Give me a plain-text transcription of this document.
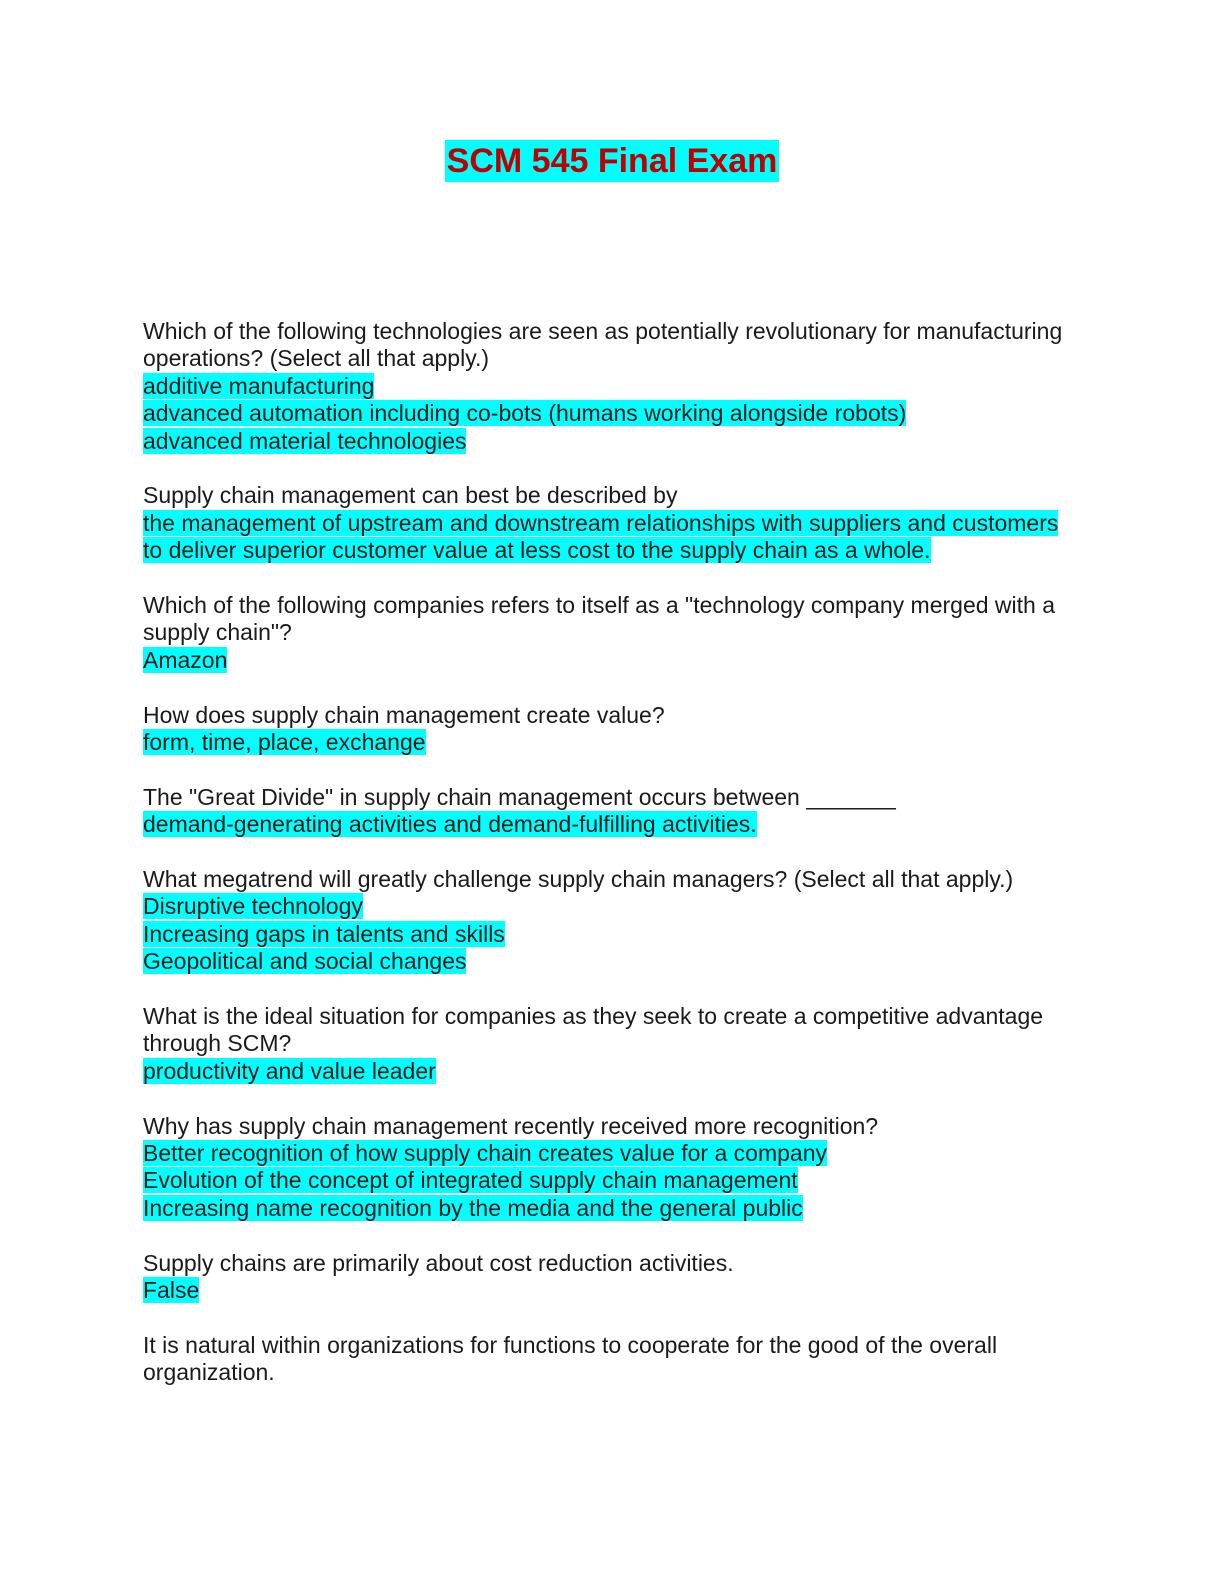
SCM 545 Final Exam

Which of the following technologies are seen as potentially revolutionary for manufacturing operations? (Select all that apply.)

additive manufacturing
advanced automation including co-bots (humans working alongside robots)
advanced material technologies

Supply chain management can best be described by

the management of upstream and downstream relationships with suppliers and customers to deliver superior customer value at less cost to the supply chain as a whole.

Which of the following companies refers to itself as a "technology company merged with a supply chain"?

Amazon

How does supply chain management create value?

form, time, place, exchange

The "Great Divide" in supply chain management occurs between _______

demand-generating activities and demand-fulfilling activities.

What megatrend will greatly challenge supply chain managers? (Select all that apply.)

Disruptive technology
Increasing gaps in talents and skills
Geopolitical and social changes

What is the ideal situation for companies as they seek to create a competitive advantage through SCM?

productivity and value leader

Why has supply chain management recently received more recognition?

Better recognition of how supply chain creates value for a company
Evolution of the concept of integrated supply chain management
Increasing name recognition by the media and the general public

Supply chains are primarily about cost reduction activities.

False

It is natural within organizations for functions to cooperate for the good of the overall organization.
